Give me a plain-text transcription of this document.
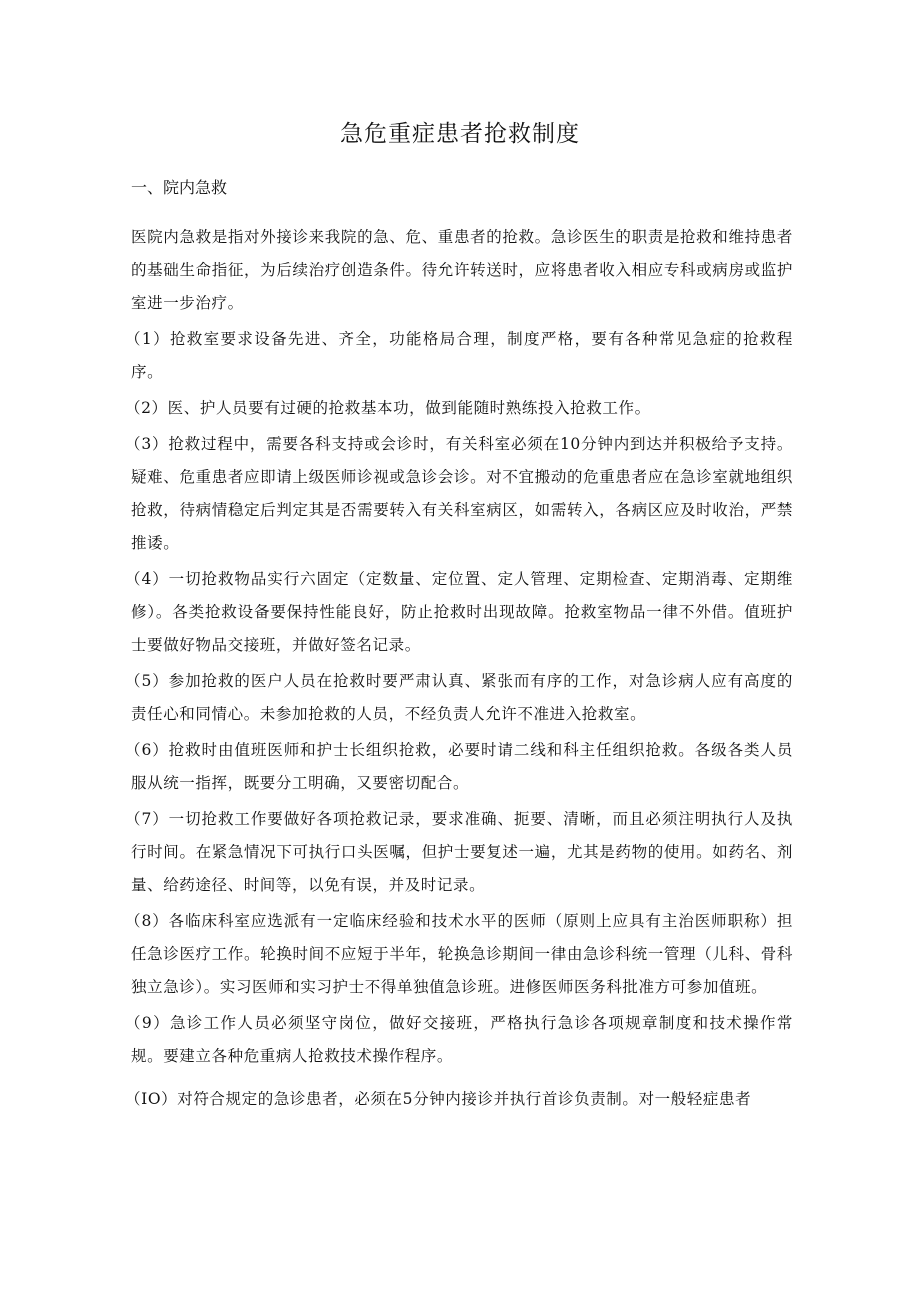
急危重症患者抢救制度
一、院内急救

医院内急救是指对外接诊来我院的急、危、重患者的抢救。急诊医生的职责是抢救和维持患者的基础生命指征，为后续治疗创造条件。待允许转送时，应将患者收入相应专科或病房或监护室进一步治疗。

（1）抢救室要求设备先进、齐全，功能格局合理，制度严格，要有各种常见急症的抢救程序。

（2）医、护人员要有过硬的抢救基本功，做到能随时熟练投入抢救工作。

（3）抢救过程中，需要各科支持或会诊时，有关科室必须在10分钟内到达并积极给予支持。疑难、危重患者应即请上级医师诊视或急诊会诊。对不宜搬动的危重患者应在急诊室就地组织抢救，待病情稳定后判定其是否需要转入有关科室病区，如需转入，各病区应及时收治，严禁推诿。

（4）一切抢救物品实行六固定（定数量、定位置、定人管理、定期检查、定期消毒、定期维修）。各类抢救设备要保持性能良好，防止抢救时出现故障。抢救室物品一律不外借。值班护士要做好物品交接班，并做好签名记录。

（5）参加抢救的医户人员在抢救时要严肃认真、紧张而有序的工作，对急诊病人应有高度的责任心和同情心。未参加抢救的人员，不经负责人允许不准进入抢救室。

（6）抢救时由值班医师和护士长组织抢救，必要时请二线和科主任组织抢救。各级各类人员服从统一指挥，既要分工明确，又要密切配合。

（7）一切抢救工作要做好各项抢救记录，要求准确、扼要、清晰，而且必须注明执行人及执行时间。在紧急情况下可执行口头医嘱，但护士要复述一遍，尤其是药物的使用。如药名、剂量、给药途径、时间等，以免有误，并及时记录。

（8）各临床科室应选派有一定临床经验和技术水平的医师（原则上应具有主治医师职称）担任急诊医疗工作。轮换时间不应短于半年，轮换急诊期间一律由急诊科统一管理（儿科、骨科独立急诊）。实习医师和实习护士不得单独值急诊班。进修医师医务科批准方可参加值班。

（9）急诊工作人员必须坚守岗位，做好交接班，严格执行急诊各项规章制度和技术操作常规。要建立各种危重病人抢救技术操作程序。

（IO）对符合规定的急诊患者，必须在5分钟内接诊并执行首诊负责制。对一般轻症患者
